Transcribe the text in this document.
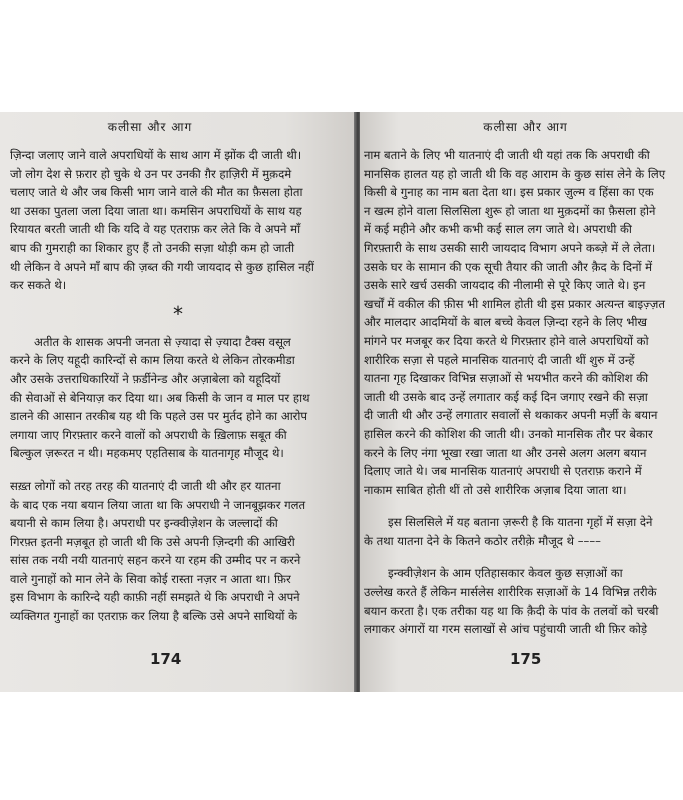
कलीसा और आग
ज़िन्दा जलाए जाने वाले अपराधियों के साथ आग में झोंक दी जाती थी।
जो लोग देश से फ़रार हो चुके थे उन पर उनकी ग़ैर हाज़िरी में मुक़दमे
चलाए जाते थे और जब किसी भाग जाने वाले की मौत का फ़ैसला होता
था उसका पुतला जला दिया जाता था। कमसिन अपराधियों के साथ यह
रियायत बरती जाती थी कि यदि वे यह एतराफ़ कर लेते कि वे अपने माँ
बाप की गुमराही का शिकार हुए हैं तो उनकी सज़ा थोड़ी कम हो जाती
थी लेकिन वे अपने माँ बाप की ज़ब्त की गयी जायदाद से कुछ हासिल नहीं
कर सकते थे।
*
अतीत के शासक अपनी जनता से ज़्यादा से ज़्यादा टैक्स वसूल
करने के लिए यहूदी कारिन्दों से काम लिया करते थे लेकिन तोरकमीडा
और उसके उत्तराधिकारियों ने फ़र्डीनेन्ड और अज़ाबेला को यहूदियों
की सेवाओं से बेनियाज़ कर दिया था। अब किसी के जान व माल पर हाथ
डालने की आसान तरकीब यह थी कि पहले उस पर मुर्तद होने का आरोप
लगाया जाए गिरफ़्तार करने वालों को अपराधी के ख़िलाफ़ सबूत की
बिल्कुल ज़रूरत न थी। महकमए एहतिसाब के यातनागृह मौजूद थे।
सख़्त लोगों को तरह तरह की यातनाएं दी जाती थी और हर यातना
के बाद एक नया बयान लिया जाता था कि अपराधी ने जानबूझकर गलत
बयानी से काम लिया है। अपराधी पर इन्क्वीज़ेशन के जल्लादों की
गिरफ़्त इतनी मज़बूत हो जाती थी कि उसे अपनी ज़िन्दगी की आखिरी
सांस तक नयी नयी यातनाएं सहन करने या रहम की उम्मीद पर न करने
वाले गुनाहों को मान लेने के सिवा कोई रास्ता नज़र न आता था। फ़िर
इस विभाग के कारिन्दे यही काफ़ी नहीं समझते थे कि अपराधी ने अपने
व्यक्तिगत गुनाहों का एतराफ़ कर लिया है बल्कि उसे अपने साथियों के
174
कलीसा और आग
नाम बताने के लिए भी यातनाएं दी जाती थी यहां तक कि अपराधी की
मानसिक हालत यह हो जाती थी कि वह आराम के कुछ सांस लेने के लिए
किसी बे गुनाह का नाम बता देता था। इस प्रकार ज़ुल्म व हिंसा का एक
न खत्म होने वाला सिलसिला शुरू हो जाता था मुक़दमों का फ़ैसला होने
में कई महीने और कभी कभी कई साल लग जाते थे। अपराधी की
गिरफ़्तारी के साथ उसकी सारी जायदाद विभाग अपने कब्ज़े में ले लेता।
उसके घर के सामान की एक सूची तैयार की जाती और क़ैद के दिनों में
उसके सारे खर्च उसकी जायदाद की नीलामी से पूरे किए जाते थे। इन
खर्चों में वकील की फ़ीस भी शामिल होती थी इस प्रकार अत्यन्त बाइज़्ज़त
और मालदार आदमियों के बाल बच्चे केवल ज़िन्दा रहने के लिए भीख
मांगने पर मजबूर कर दिया करते थे गिरफ़्तार होने वाले अपराधियों को
शारीरिक सज़ा से पहले मानसिक यातनाएं दी जाती थीं शुरु में उन्हें
यातना गृह दिखाकर विभिन्न सज़ाओं से भयभीत करने की कोशिश की
जाती थी उसके बाद उन्हें लगातार कई कई दिन जगाए रखने की सज़ा
दी जाती थी और उन्हें लगातार सवालों से थकाकर अपनी मर्ज़ी के बयान
हासिल करने की कोशिश की जाती थी। उनको मानसिक तौर पर बेकार
करने के लिए नंगा भूखा रखा जाता था और उनसे अलग अलग बयान
दिलाए जाते थे। जब मानसिक यातनाएं अपराधी से एतराफ़ कराने में
नाकाम साबित होती थीं तो उसे शारीरिक अज़ाब दिया जाता था।
इस सिलसिले में यह बताना ज़रूरी है कि यातना गृहों में सज़ा देने
के तथा यातना देने के कितने कठोर तरीक़े मौजूद थे ––––
इन्क्वीज़ेशन के आम एतिहासकार केवल कुछ सज़ाओं का
उल्लेख करते हैं लेकिन मार्सलेस शारीरिक सज़ाओं के 14 विभिन्न तरीके
बयान करता है। एक तरीका यह था कि क़ैदी के पांव के तलवों को चरबी
लगाकर अंगारों या गरम सलाखों से आंच पहुंचायी जाती थी फ़िर कोड़े
175
